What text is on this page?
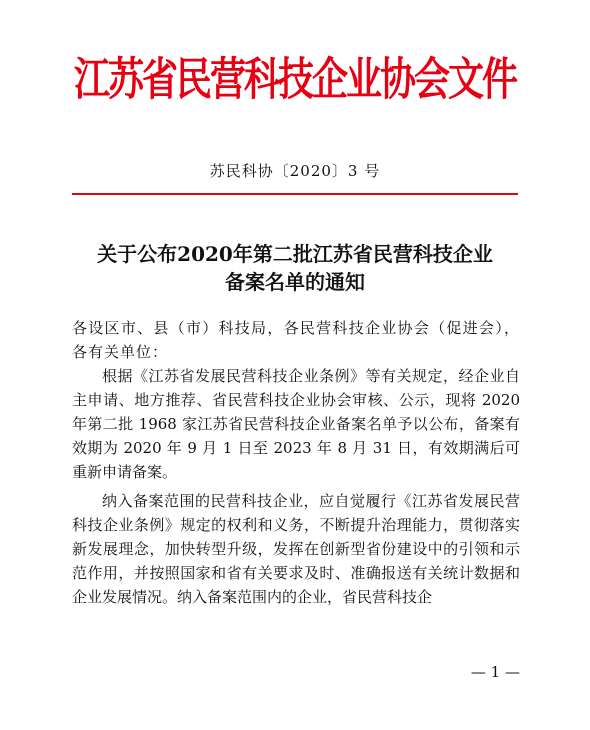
江苏省民营科技企业协会文件
苏民科协〔2020〕3 号
关于公布2020年第二批江苏省民营科技企业
备案名单的通知

各设区市、县（市）科技局，各民营科技企业协会（促进会），各有关单位：

根据《江苏省发展民营科技企业条例》等有关规定，经企业自主申请、地方推荐、省民营科技企业协会审核、公示，现将 2020 年第二批 1968 家江苏省民营科技企业备案名单予以公布，备案有效期为 2020 年 9 月 1 日至 2023 年 8 月 31 日，有效期满后可重新申请备案。

纳入备案范围的民营科技企业，应自觉履行《江苏省发展民营科技企业条例》规定的权利和义务，不断提升治理能力，贯彻落实新发展理念，加快转型升级，发挥在创新型省份建设中的引领和示范作用，并按照国家和省有关要求及时、准确报送有关统计数据和企业发展情况。纳入备案范围内的企业，省民营科技企

— 1 —
